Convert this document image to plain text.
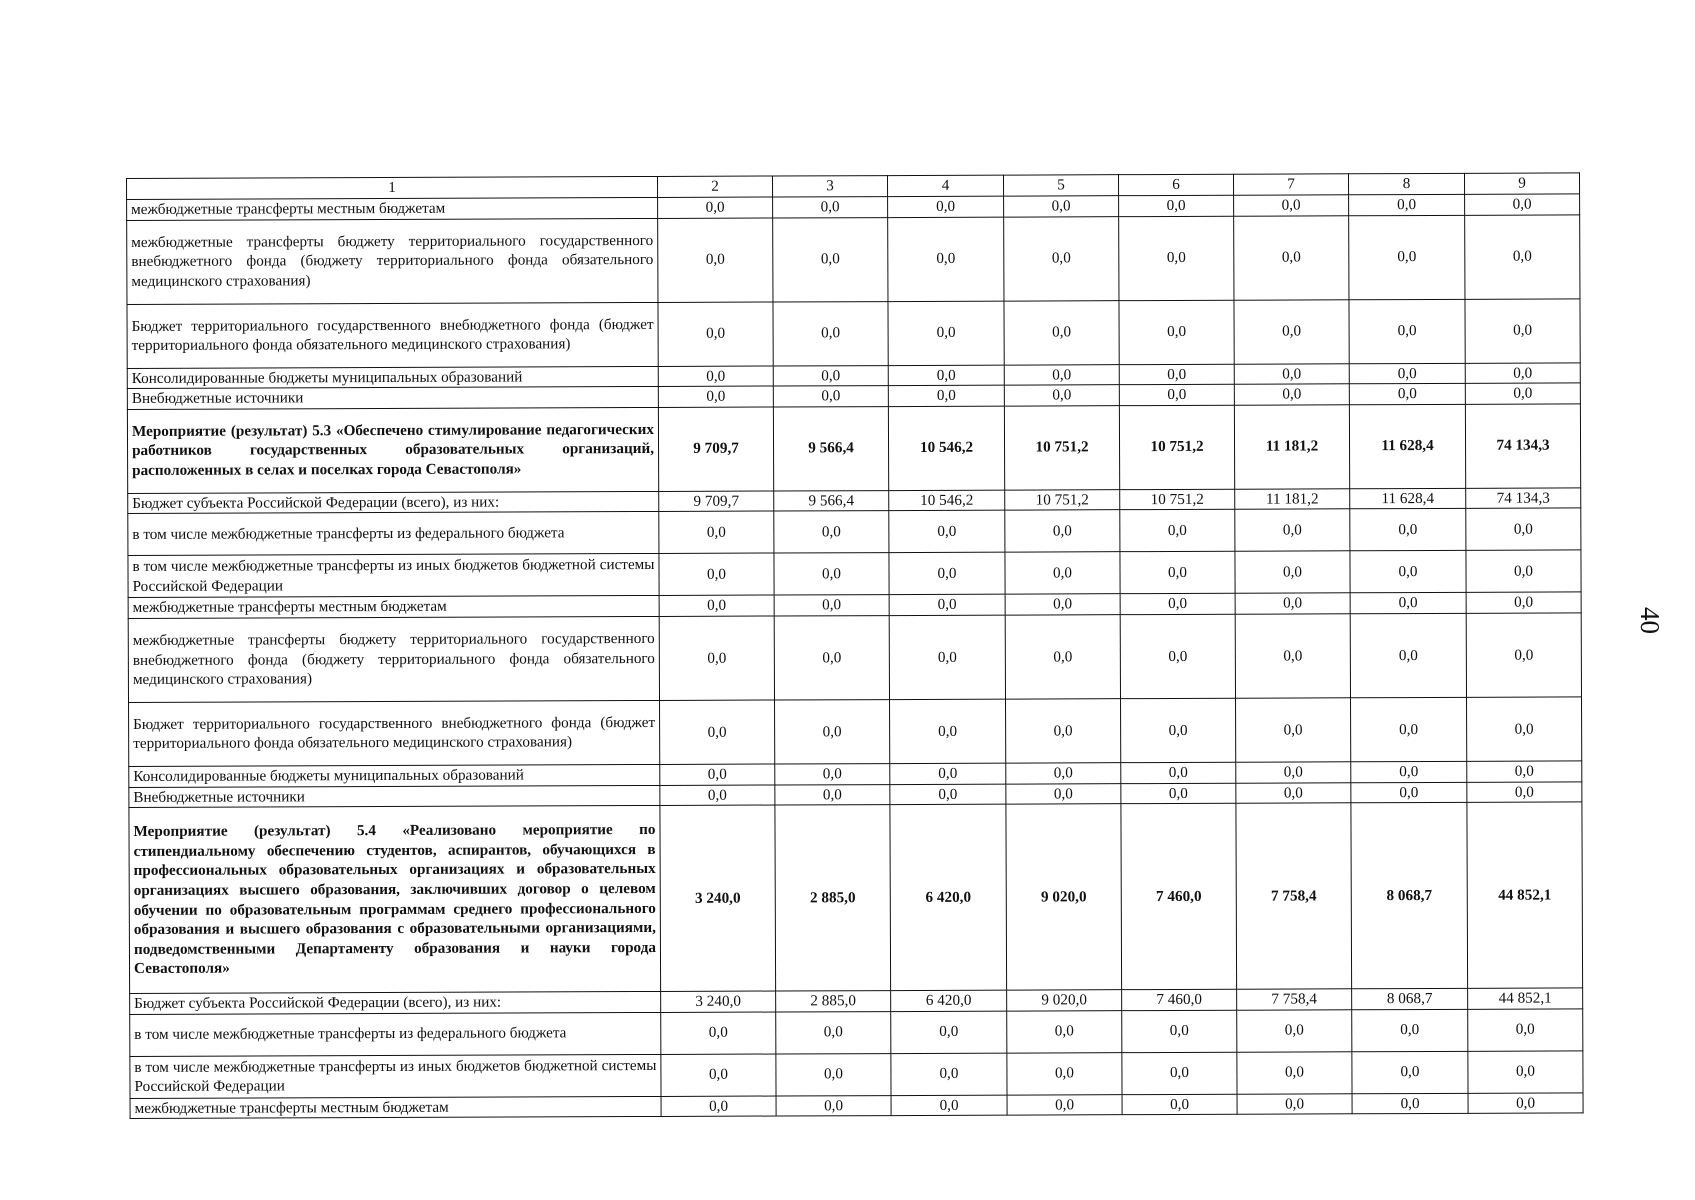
1	2	3	4	5	6	7	8	9
межбюджетные трансферты местным бюджетам	0,0	0,0	0,0	0,0	0,0	0,0	0,0	0,0
межбюджетные трансферты бюджету территориального государственного внебюджетного фонда (бюджету территориального фонда обязательного медицинского страхования)	0,0	0,0	0,0	0,0	0,0	0,0	0,0	0,0
Бюджет территориального государственного внебюджетного фонда (бюджет территориального фонда обязательного медицинского страхования)	0,0	0,0	0,0	0,0	0,0	0,0	0,0	0,0
Консолидированные бюджеты муниципальных образований	0,0	0,0	0,0	0,0	0,0	0,0	0,0	0,0
Внебюджетные источники	0,0	0,0	0,0	0,0	0,0	0,0	0,0	0,0
Мероприятие (результат) 5.3 «Обеспечено стимулирование педагогических работников государственных образовательных организаций, расположенных в селах и поселках города Севастополя»	9 709,7	9 566,4	10 546,2	10 751,2	10 751,2	11 181,2	11 628,4	74 134,3
Бюджет субъекта Российской Федерации (всего), из них:	9 709,7	9 566,4	10 546,2	10 751,2	10 751,2	11 181,2	11 628,4	74 134,3
в том числе межбюджетные трансферты из федерального бюджета	0,0	0,0	0,0	0,0	0,0	0,0	0,0	0,0
в том числе межбюджетные трансферты из иных бюджетов бюджетной системы Российской Федерации	0,0	0,0	0,0	0,0	0,0	0,0	0,0	0,0
межбюджетные трансферты местным бюджетам	0,0	0,0	0,0	0,0	0,0	0,0	0,0	0,0
межбюджетные трансферты бюджету территориального государственного внебюджетного фонда (бюджету территориального фонда обязательного медицинского страхования)	0,0	0,0	0,0	0,0	0,0	0,0	0,0	0,0
Бюджет территориального государственного внебюджетного фонда (бюджет территориального фонда обязательного медицинского страхования)	0,0	0,0	0,0	0,0	0,0	0,0	0,0	0,0
Консолидированные бюджеты муниципальных образований	0,0	0,0	0,0	0,0	0,0	0,0	0,0	0,0
Внебюджетные источники	0,0	0,0	0,0	0,0	0,0	0,0	0,0	0,0
Мероприятие (результат) 5.4 «Реализовано мероприятие по стипендиальному обеспечению студентов, аспирантов, обучающихся в профессиональных образовательных организациях и образовательных организациях высшего образования, заключивших договор о целевом обучении по образовательным программам среднего профессионального образования и высшего образования с образовательными организациями, подведомственными Департаменту образования и науки города Севастополя»	3 240,0	2 885,0	6 420,0	9 020,0	7 460,0	7 758,4	8 068,7	44 852,1
Бюджет субъекта Российской Федерации (всего), из них:	3 240,0	2 885,0	6 420,0	9 020,0	7 460,0	7 758,4	8 068,7	44 852,1
в том числе межбюджетные трансферты из федерального бюджета	0,0	0,0	0,0	0,0	0,0	0,0	0,0	0,0
в том числе межбюджетные трансферты из иных бюджетов бюджетной системы Российской Федерации	0,0	0,0	0,0	0,0	0,0	0,0	0,0	0,0
межбюджетные трансферты местным бюджетам	0,0	0,0	0,0	0,0	0,0	0,0	0,0	0,0
40
